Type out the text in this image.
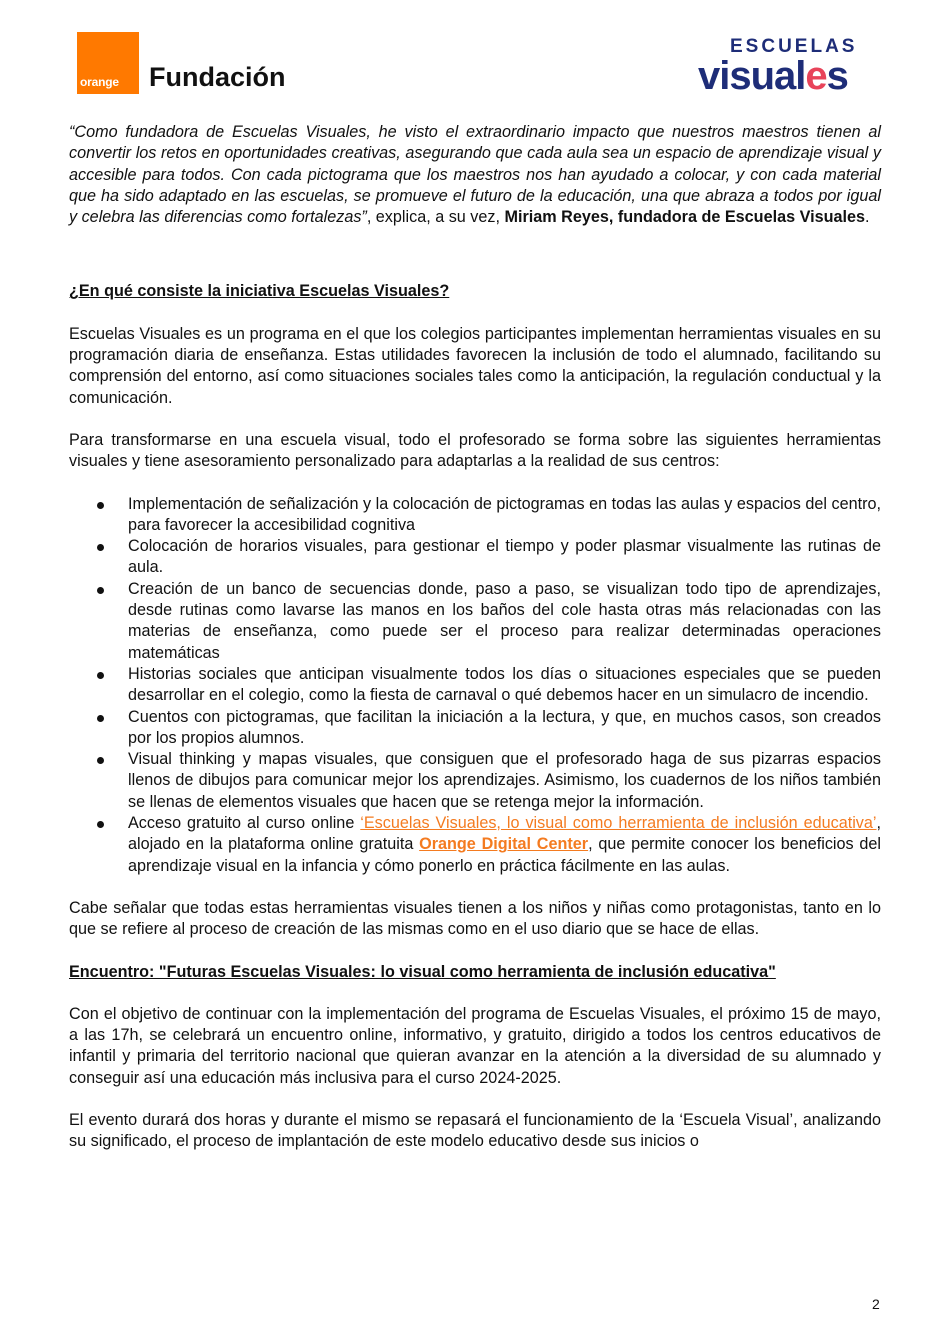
orange Fundación
ESCUELAS
visuales

“Como fundadora de Escuelas Visuales, he visto el extraordinario impacto que nuestros maestros tienen al convertir los retos en oportunidades creativas, asegurando que cada aula sea un espacio de aprendizaje visual y accesible para todos. Con cada pictograma que los maestros nos han ayudado a colocar, y con cada material que ha sido adaptado en las escuelas, se promueve el futuro de la educación, una que abraza a todos por igual y celebra las diferencias como fortalezas”, explica, a su vez, Miriam Reyes, fundadora de Escuelas Visuales.

¿En qué consiste la iniciativa Escuelas Visuales?

Escuelas Visuales es un programa en el que los colegios participantes implementan herramientas visuales en su programación diaria de enseñanza. Estas utilidades favorecen la inclusión de todo el alumnado, facilitando su comprensión del entorno, así como situaciones sociales tales como la anticipación, la regulación conductual y la comunicación.

Para transformarse en una escuela visual, todo el profesorado se forma sobre las siguientes herramientas visuales y tiene asesoramiento personalizado para adaptarlas a la realidad de sus centros:

Implementación de señalización y la colocación de pictogramas en todas las aulas y espacios del centro, para favorecer la accesibilidad cognitiva
Colocación de horarios visuales, para gestionar el tiempo y poder plasmar visualmente las rutinas de aula.
Creación de un banco de secuencias donde, paso a paso, se visualizan todo tipo de aprendizajes, desde rutinas como lavarse las manos en los baños del cole hasta otras más relacionadas con las materias de enseñanza, como puede ser el proceso para realizar determinadas operaciones matemáticas
Historias sociales que anticipan visualmente todos los días o situaciones especiales que se pueden desarrollar en el colegio, como la fiesta de carnaval o qué debemos hacer en un simulacro de incendio.
Cuentos con pictogramas, que facilitan la iniciación a la lectura, y que, en muchos casos, son creados por los propios alumnos.
Visual thinking y mapas visuales, que consiguen que el profesorado haga de sus pizarras espacios llenos de dibujos para comunicar mejor los aprendizajes. Asimismo, los cuadernos de los niños también se llenas de elementos visuales que hacen que se retenga mejor la información.
Acceso gratuito al curso online ‘Escuelas Visuales, lo visual como herramienta de inclusión educativa’, alojado en la plataforma online gratuita Orange Digital Center, que permite conocer los beneficios del aprendizaje visual en la infancia y cómo ponerlo en práctica fácilmente en las aulas.

Cabe señalar que todas estas herramientas visuales tienen a los niños y niñas como protagonistas, tanto en lo que se refiere al proceso de creación de las mismas como en el uso diario que se hace de ellas.

Encuentro: "Futuras Escuelas Visuales: lo visual como herramienta de inclusión educativa"

Con el objetivo de continuar con la implementación del programa de Escuelas Visuales, el próximo 15 de mayo, a las 17h, se celebrará un encuentro online, informativo, y gratuito, dirigido a todos los centros educativos de infantil y primaria del territorio nacional que quieran avanzar en la atención a la diversidad de su alumnado y conseguir así una educación más inclusiva para el curso 2024-2025.

El evento durará dos horas y durante el mismo se repasará el funcionamiento de la ‘Escuela Visual’, analizando su significado, el proceso de implantación de este modelo educativo desde sus inicios o

2
